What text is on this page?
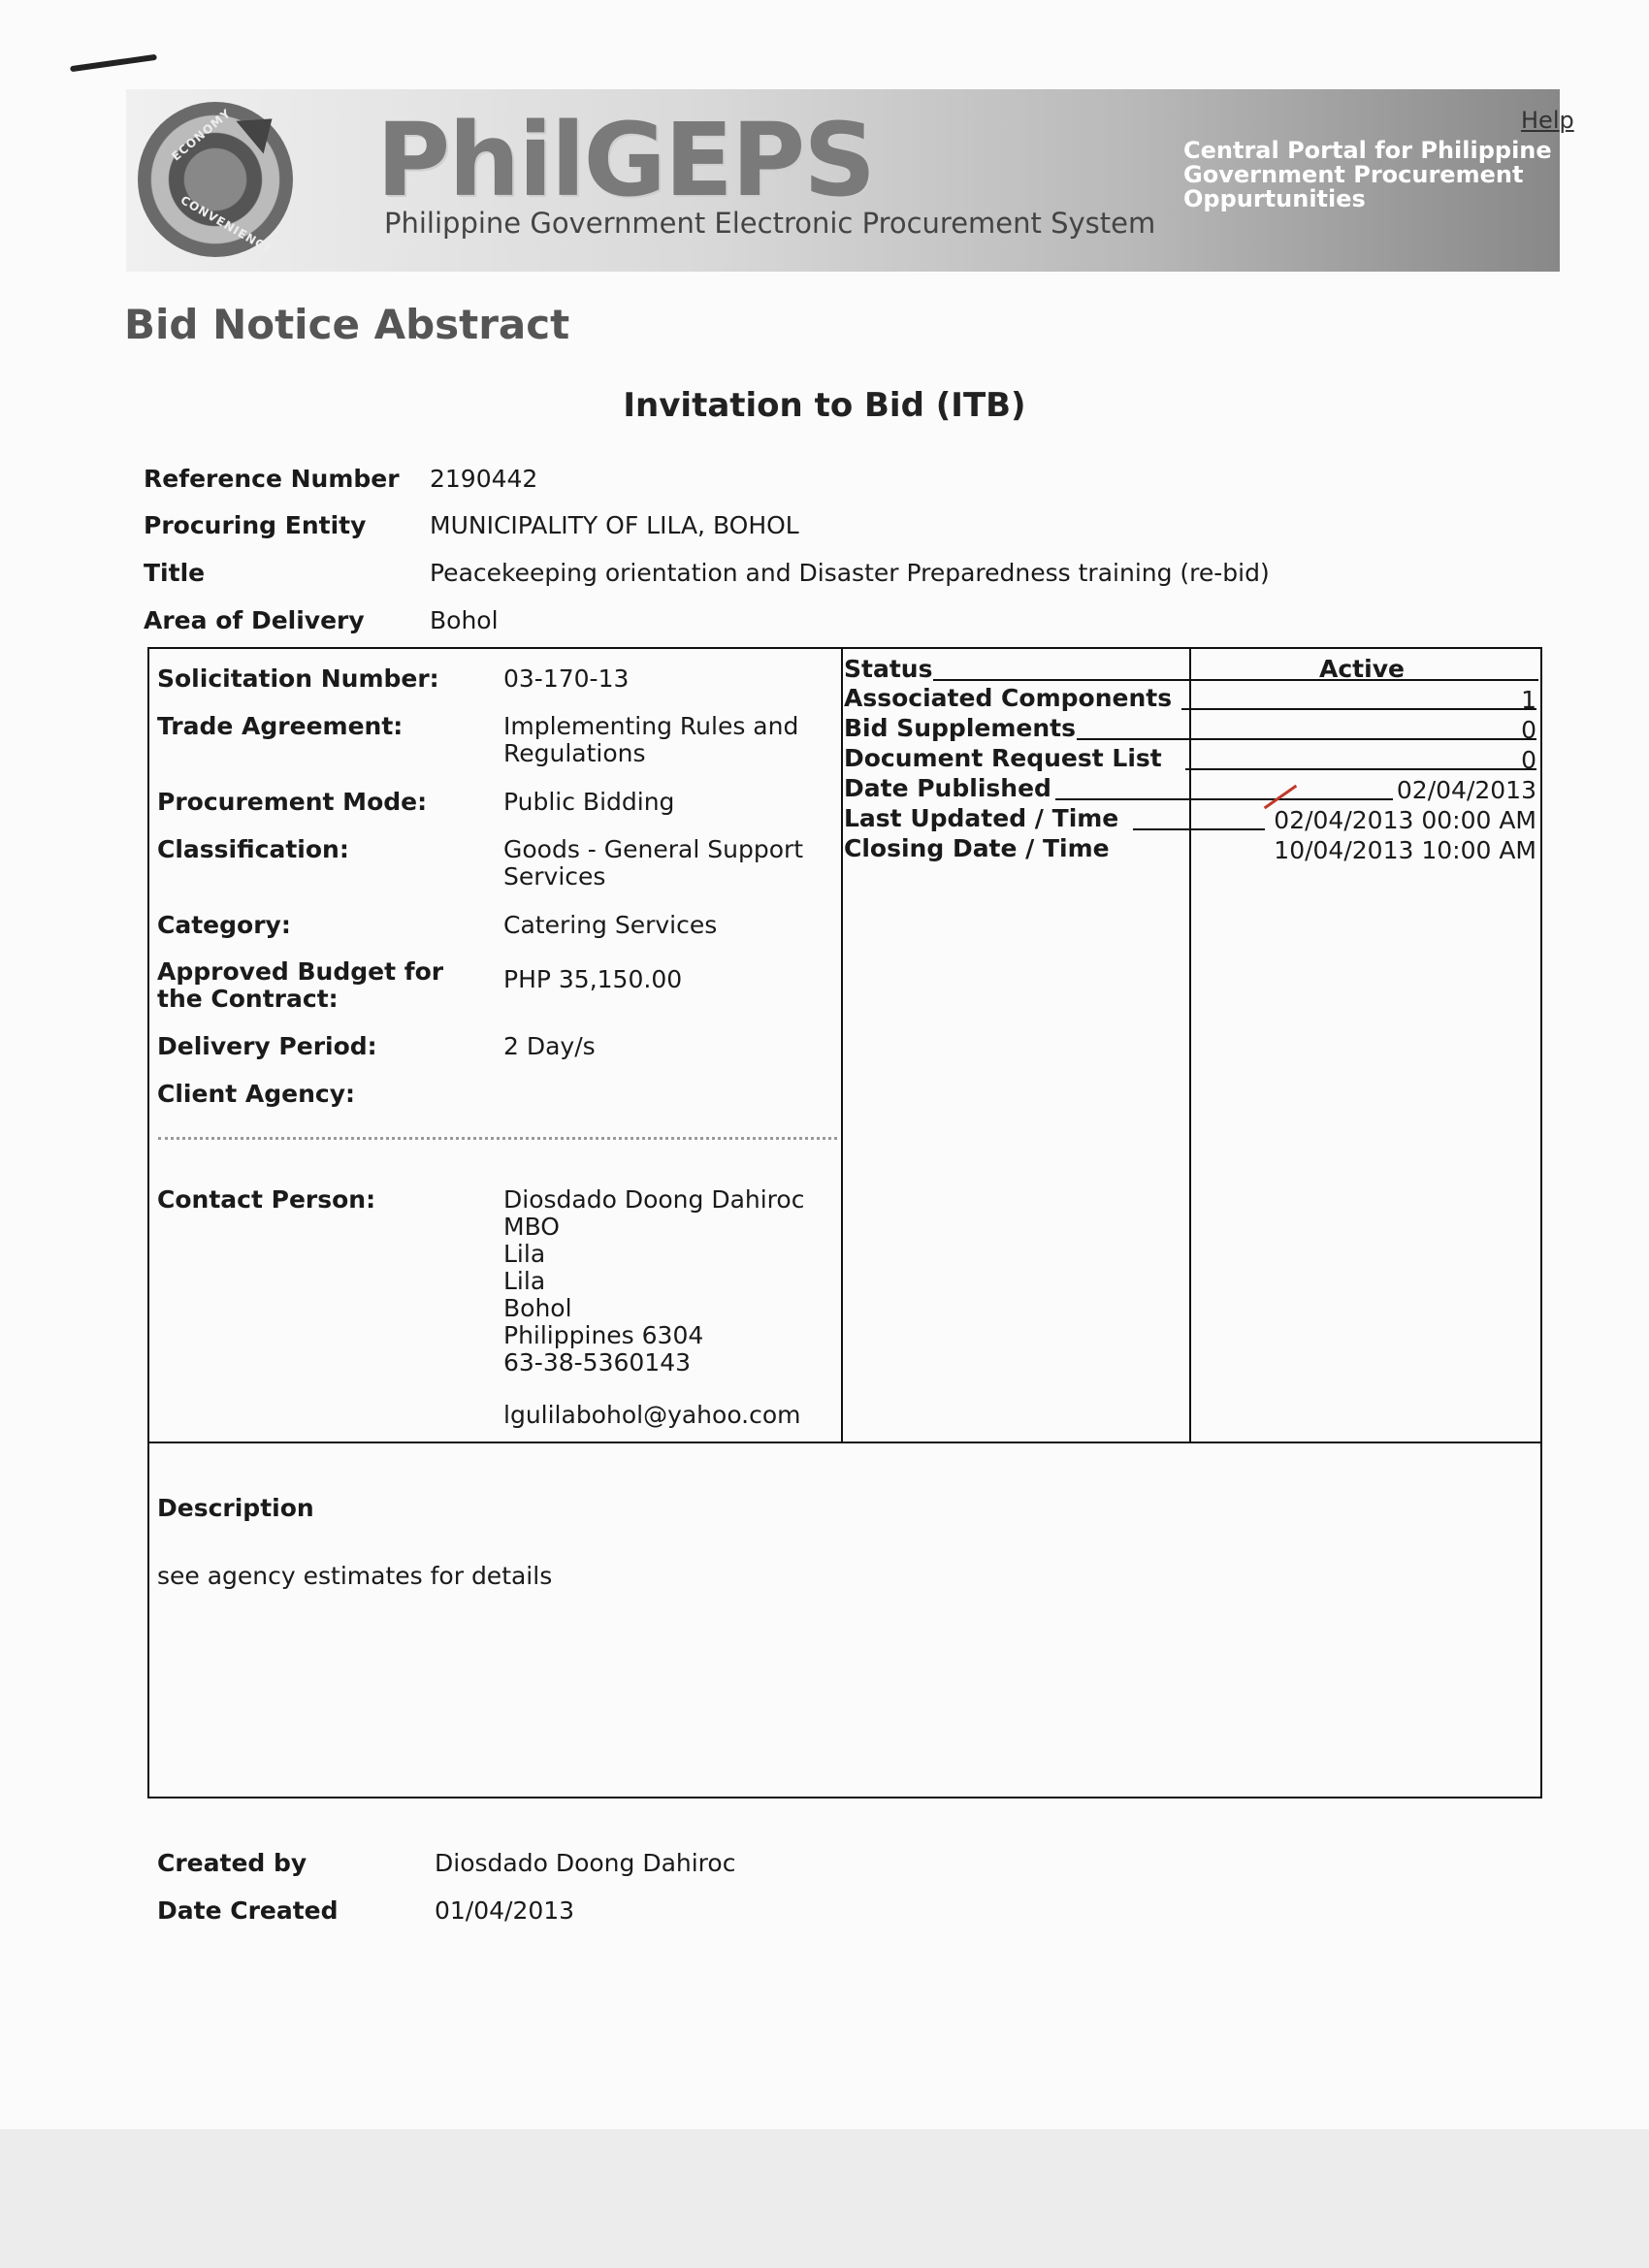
ECONOMY
CONVENIENCE
PhilGEPS
Philippine Government Electronic Procurement System
Central Portal for Philippine Government Procurement Oppurtunities
Help
Bid Notice Abstract
Invitation to Bid (ITB)
Reference Number 2190442
Procuring Entity	MUNICIPALITY OF LILA, BOHOL
Title	Peacekeeping orientation and Disaster Preparedness training (re-bid)
Area of Delivery	Bohol
Solicitation Number:	03-170-13
Trade Agreement:	Implementing Rules and Regulations
Procurement Mode:	Public Bidding
Classification:	Goods - General Support Services
Category:	Catering Services
Approved Budget for the Contract:
PHP 35,150.00
Delivery Period:	2 Day/s
Client Agency:
Contact Person:	Diosdado Doong Dahiroc
MBO
Lila
Lila
Bohol
Philippines 6304
63-38-5360143
lgulilabohol@yahoo.com
Status	Active
Associated Components	1
Bid Supplements	0
Document Request List	0
Date Published	02/04/2013
Last Updated / Time	02/04/2013 00:00 AM
Closing Date / Time	10/04/2013 10:00 AM
Description
see agency estimates for details
Created by	Diosdado Doong Dahiroc
Date Created	01/04/2013
